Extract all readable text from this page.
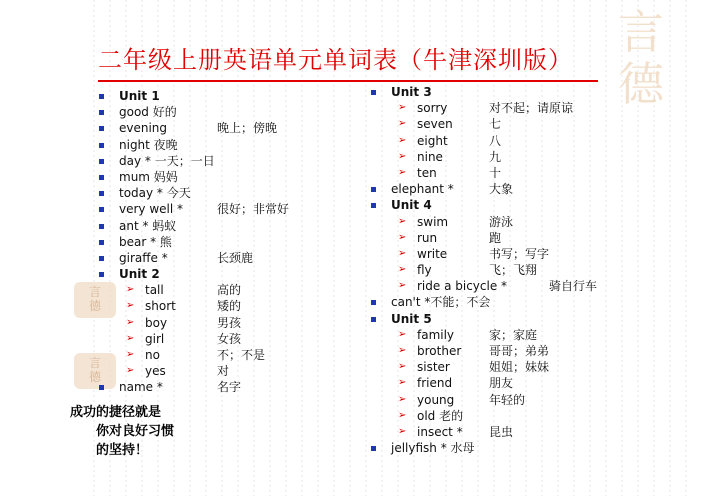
言
德
言
德
言
德
二年级上册英语单元单词表（牛津深圳版）
Unit 1
good 好的
evening	晚上；傍晚
night 夜晚
day * 一天；一日
mum 妈妈
today * 今天
very well *	很好；非常好
ant * 蚂蚁
bear * 熊
giraffe *	长颈鹿
Unit 2
➢ tall	高的
➢ short	矮的
➢ boy	男孩
➢ girl	女孩
➢ no	不；不是
➢ yes	对
name *	名字
Unit 3
➢ sorry	对不起；请原谅
➢ seven	七
➢ eight	八
➢ nine	九
➢ ten	十
elephant *	大象
Unit 4
➢ swim	游泳
➢ run	跑
➢ write	书写；写字
➢ fly	飞；飞翔
➢ ride a bicycle *	骑自行车
can't *不能；不会
Unit 5
➢ family	家；家庭
➢ brother 哥哥；弟弟
➢ sister	姐姐；妹妹
➢ friend	朋友
➢ young	年轻的
➢ old 老的
➢ insect * 昆虫
jellyfish * 水母
成功的捷径就是
你对良好习惯
的坚持！
